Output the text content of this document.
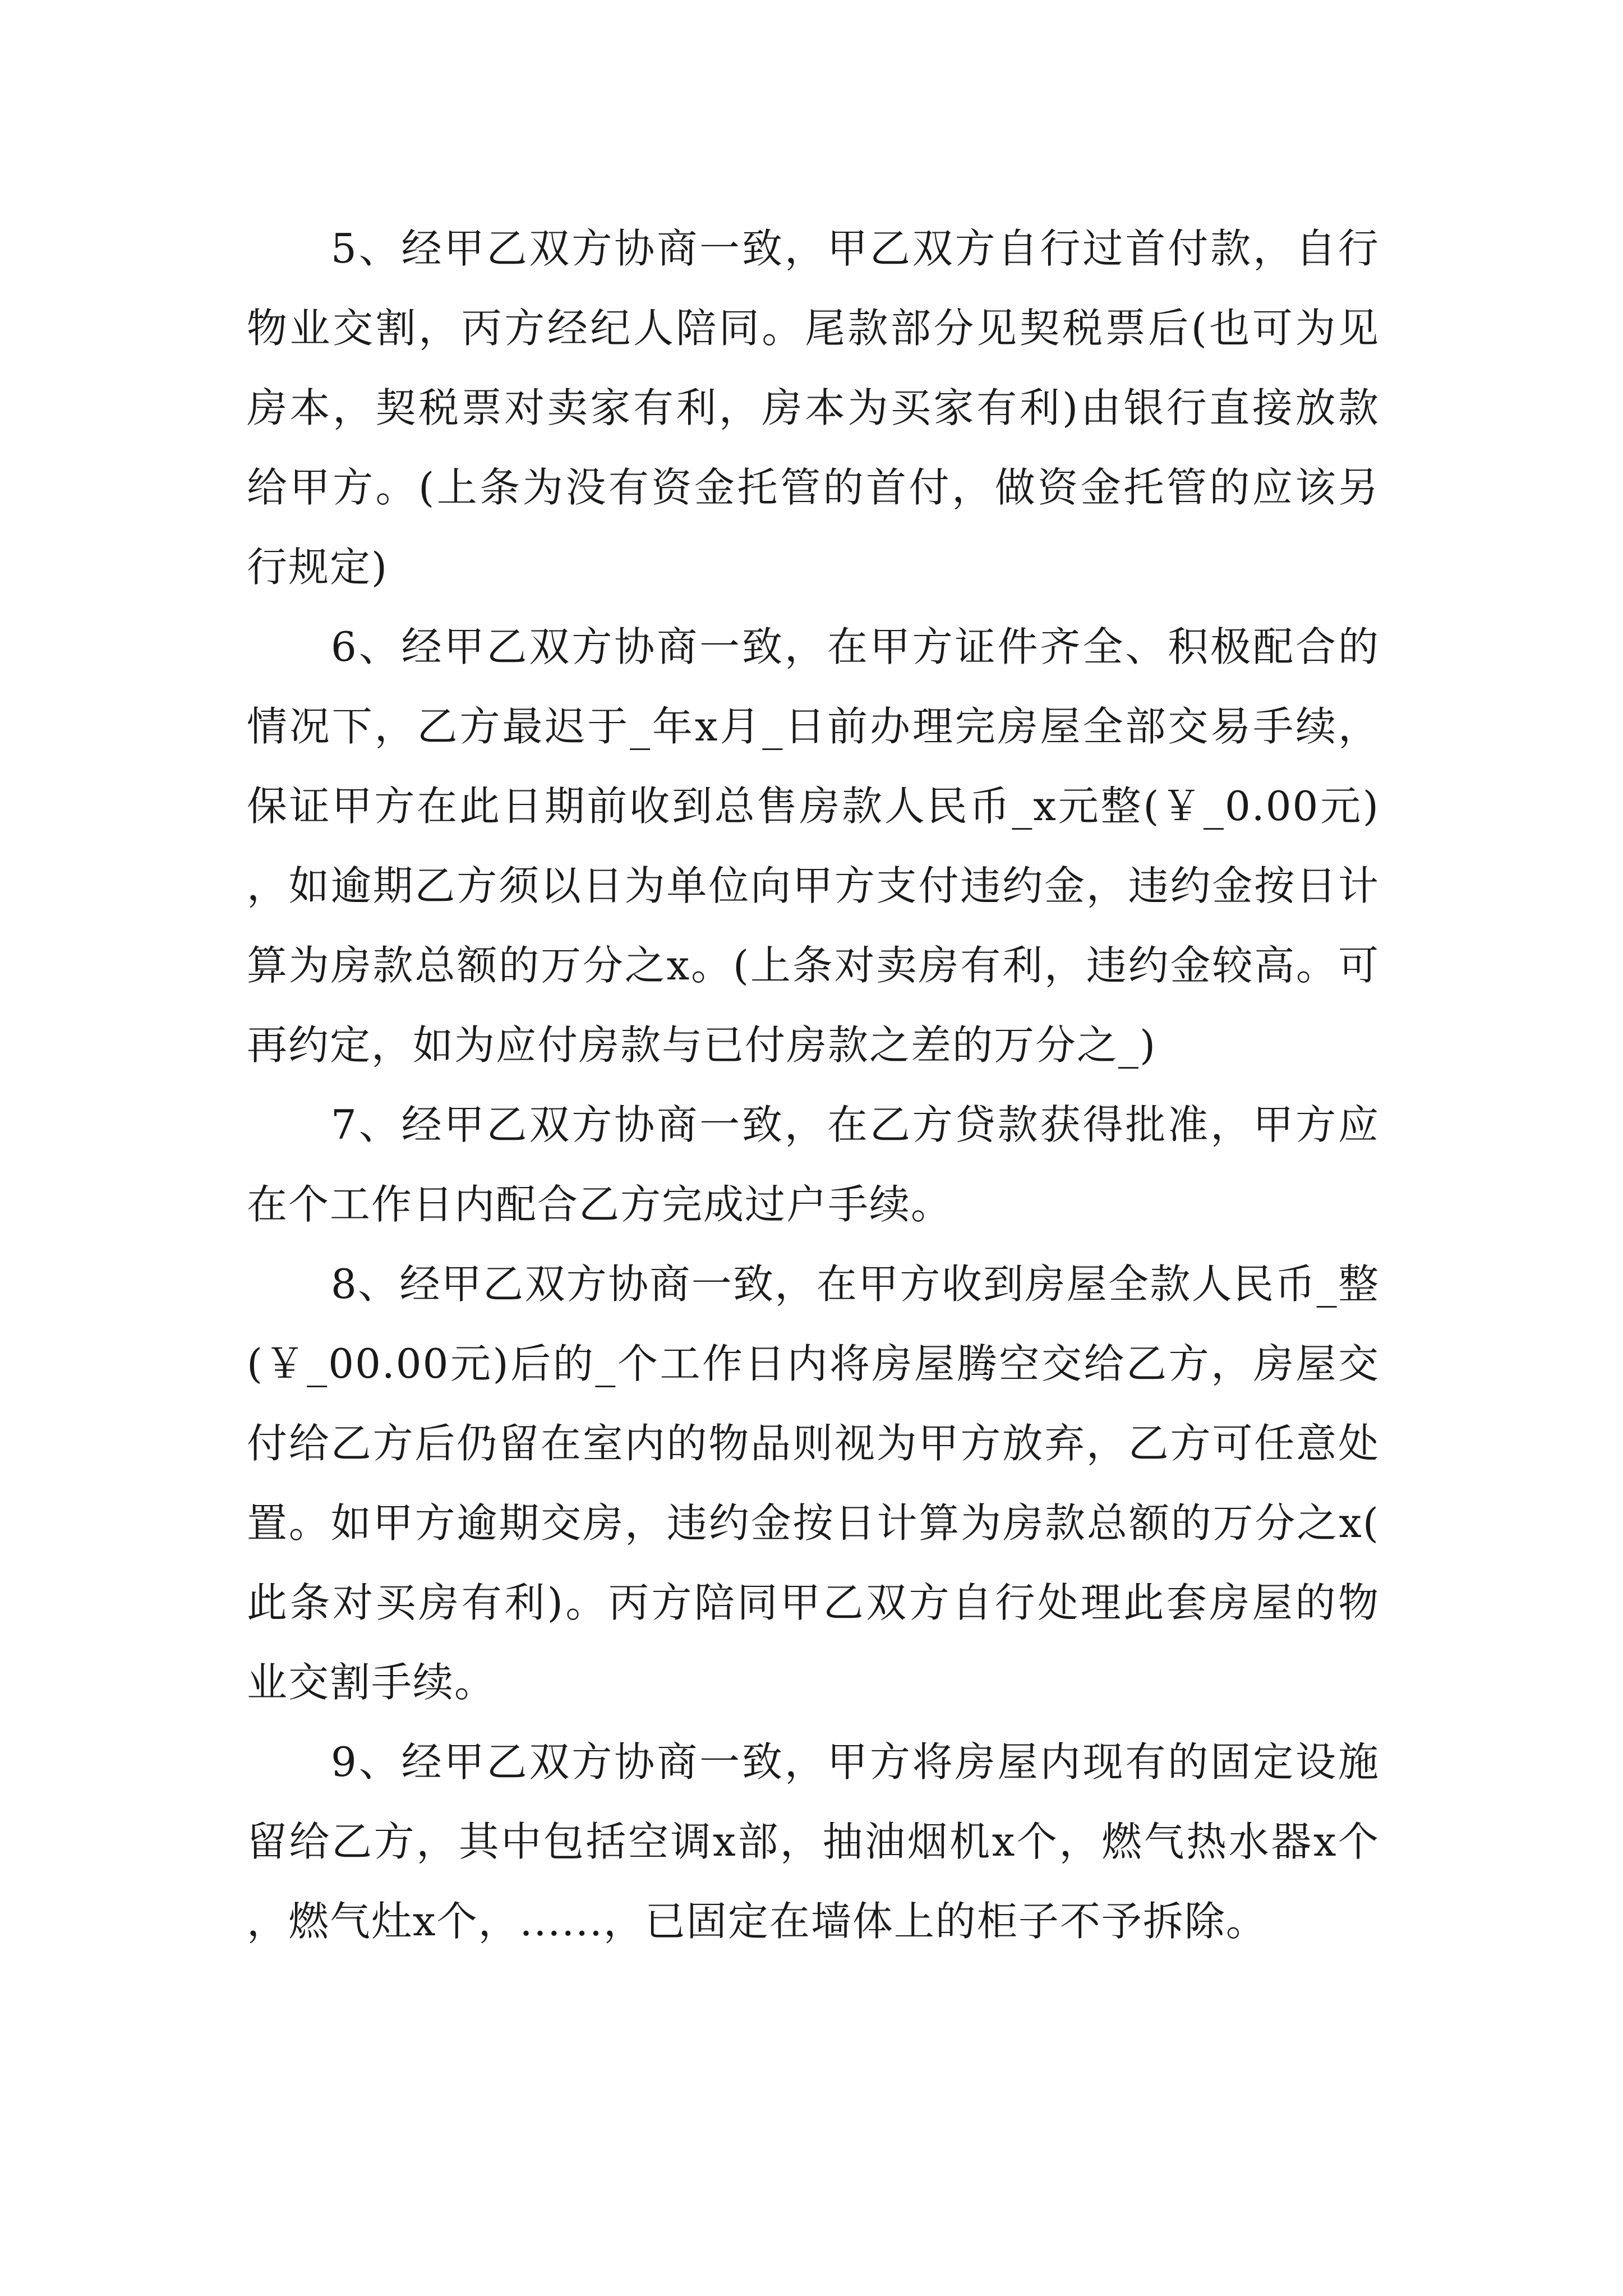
5、经甲乙双方协商一致，甲乙双方自行过首付款，自行物业交割，丙方经纪人陪同。尾款部分见契税票后(也可为见房本，契税票对卖家有利，房本为买家有利)由银行直接放款给甲方。(上条为没有资金托管的首付，做资金托管的应该另行规定)

6、经甲乙双方协商一致，在甲方证件齐全、积极配合的情况下，乙方最迟于_年x月_日前办理完房屋全部交易手续，保证甲方在此日期前收到总售房款人民币_x元整(￥_0.00元)，如逾期乙方须以日为单位向甲方支付违约金，违约金按日计算为房款总额的万分之x。(上条对卖房有利，违约金较高。可再约定，如为应付房款与已付房款之差的万分之_)

7、经甲乙双方协商一致，在乙方贷款获得批准，甲方应在个工作日内配合乙方完成过户手续。

8、经甲乙双方协商一致，在甲方收到房屋全款人民币_整(￥_00.00元)后的_个工作日内将房屋腾空交给乙方，房屋交付给乙方后仍留在室内的物品则视为甲方放弃，乙方可任意处置。如甲方逾期交房，违约金按日计算为房款总额的万分之x(此条对买房有利)。丙方陪同甲乙双方自行处理此套房屋的物业交割手续。

9、经甲乙双方协商一致，甲方将房屋内现有的固定设施留给乙方，其中包括空调x部，抽油烟机x个，燃气热水器x个，燃气灶x个，......，已固定在墙体上的柜子不予拆除。
